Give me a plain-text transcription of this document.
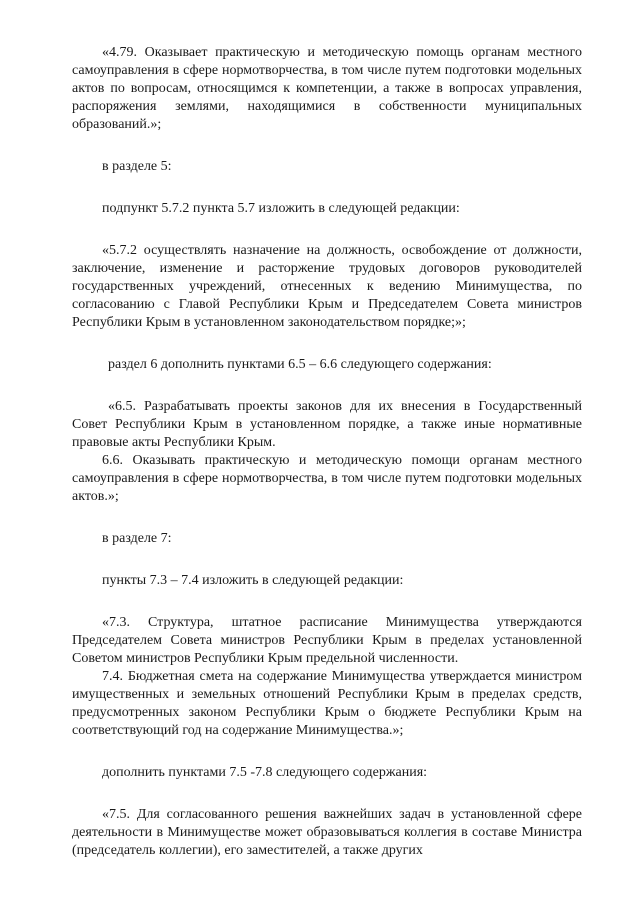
«4.79. Оказывает практическую и методическую помощь органам местного самоуправления в сфере нормотворчества, в том числе путем подготовки модельных актов по вопросам, относящимся к компетенции, а также в вопросах управления, распоряжения землями, находящимися в собственности муниципальных образований.»;

в разделе 5:

подпункт 5.7.2 пункта 5.7 изложить в следующей редакции:

«5.7.2 осуществлять назначение на должность, освобождение от должности, заключение, изменение и расторжение трудовых договоров руководителей государственных учреждений, отнесенных к ведению Минимущества, по согласованию с Главой Республики Крым и Председателем Совета министров Республики Крым в установленном законодательством порядке;»;

раздел 6 дополнить пунктами 6.5 – 6.6 следующего содержания:

«6.5. Разрабатывать проекты законов для их внесения в Государственный Совет Республики Крым в установленном порядке, а также иные нормативные правовые акты Республики Крым.

6.6. Оказывать практическую и методическую помощи органам местного самоуправления в сфере нормотворчества, в том числе путем подготовки модельных актов.»;

в разделе 7:

пункты 7.3 – 7.4 изложить в следующей редакции:

«7.3. Структура, штатное расписание Минимущества утверждаются Председателем Совета министров Республики Крым в пределах установленной Советом министров Республики Крым предельной численности.

7.4. Бюджетная смета на содержание Минимущества утверждается министром имущественных и земельных отношений Республики Крым в пределах средств, предусмотренных законом Республики Крым о бюджете Республики Крым на соответствующий год на содержание Минимущества.»;

дополнить пунктами 7.5 -7.8 следующего содержания:

«7.5. Для согласованного решения важнейших задач в установленной сфере деятельности в Минимуществе может образовываться коллегия в составе Министра (председатель коллегии), его заместителей, а также других
